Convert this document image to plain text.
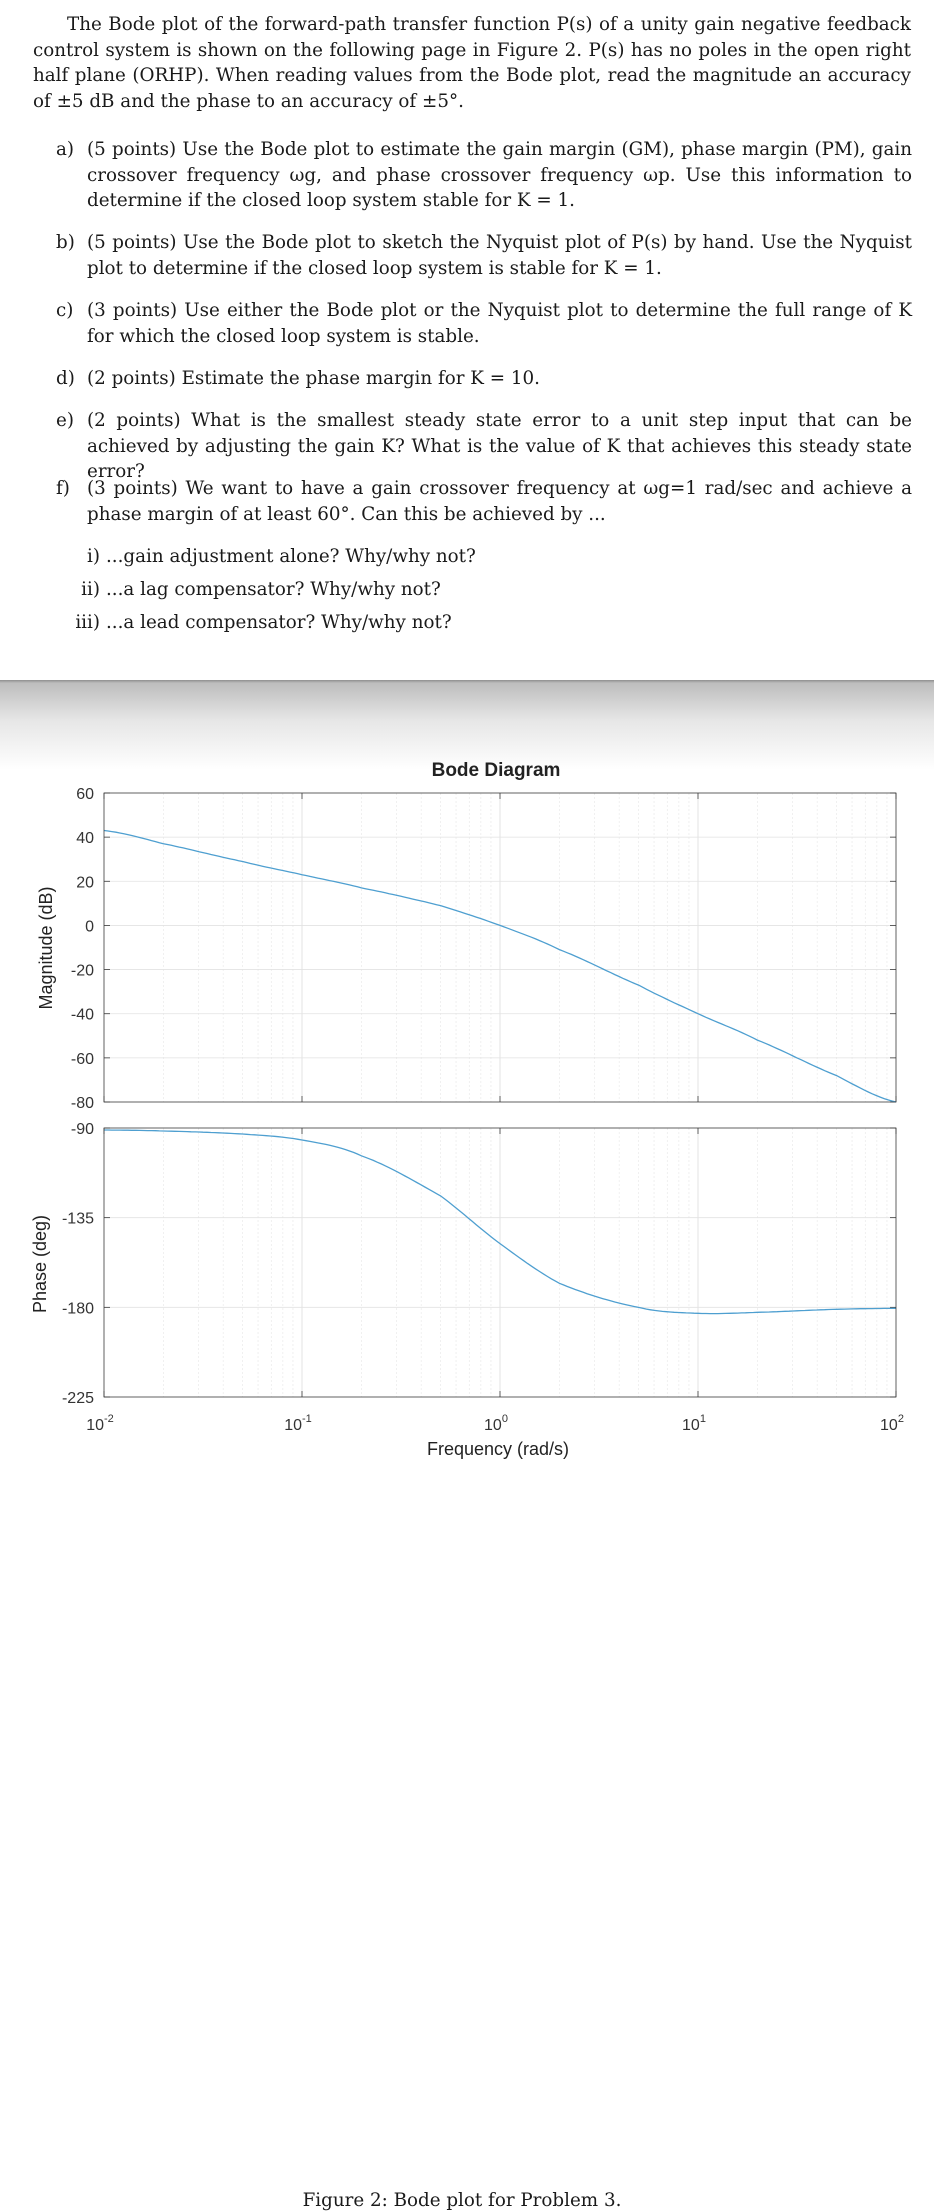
The Bode plot of the forward-path transfer function P(s) of a unity gain negative feedback control system is shown on the following page in Figure 2. P(s) has no poles in the open right half plane (ORHP). When reading values from the Bode plot, read the magnitude an accuracy of ±5 dB and the phase to an accuracy of ±5°.

a) (5 points) Use the Bode plot to estimate the gain margin (GM), phase margin (PM), gain crossover frequency ωg, and phase crossover frequency ωp. Use this information to determine if the closed loop system stable for K = 1.
b) (5 points) Use the Bode plot to sketch the Nyquist plot of P(s) by hand. Use the Nyquist plot to determine if the closed loop system is stable for K = 1.
c) (3 points) Use either the Bode plot or the Nyquist plot to determine the full range of K for which the closed loop system is stable.
d) (2 points) Estimate the phase margin for K = 10.
e) (2 points) What is the smallest steady state error to a unit step input that can be achieved by adjusting the gain K? What is the value of K that achieves this steady state error?
f) (3 points) We want to have a gain crossover frequency at ωg=1 rad/sec and achieve a phase margin of at least 60°. Can this be achieved by ...
i) ...gain adjustment alone? Why/why not?
ii) ...a lag compensator? Why/why not?
iii) ...a lead compensator? Why/why not?
Bode Diagram
Magnitude (dB)
Phase (deg)
Frequency (rad/s)
60
40
20
0
-20
-40
-60
-80
-90
-135
-180
-225
$10^{-2}$	$10^{-1}$	$10^0$	$10^1$	$10^2$
Figure 2: Bode plot for Problem 3.
